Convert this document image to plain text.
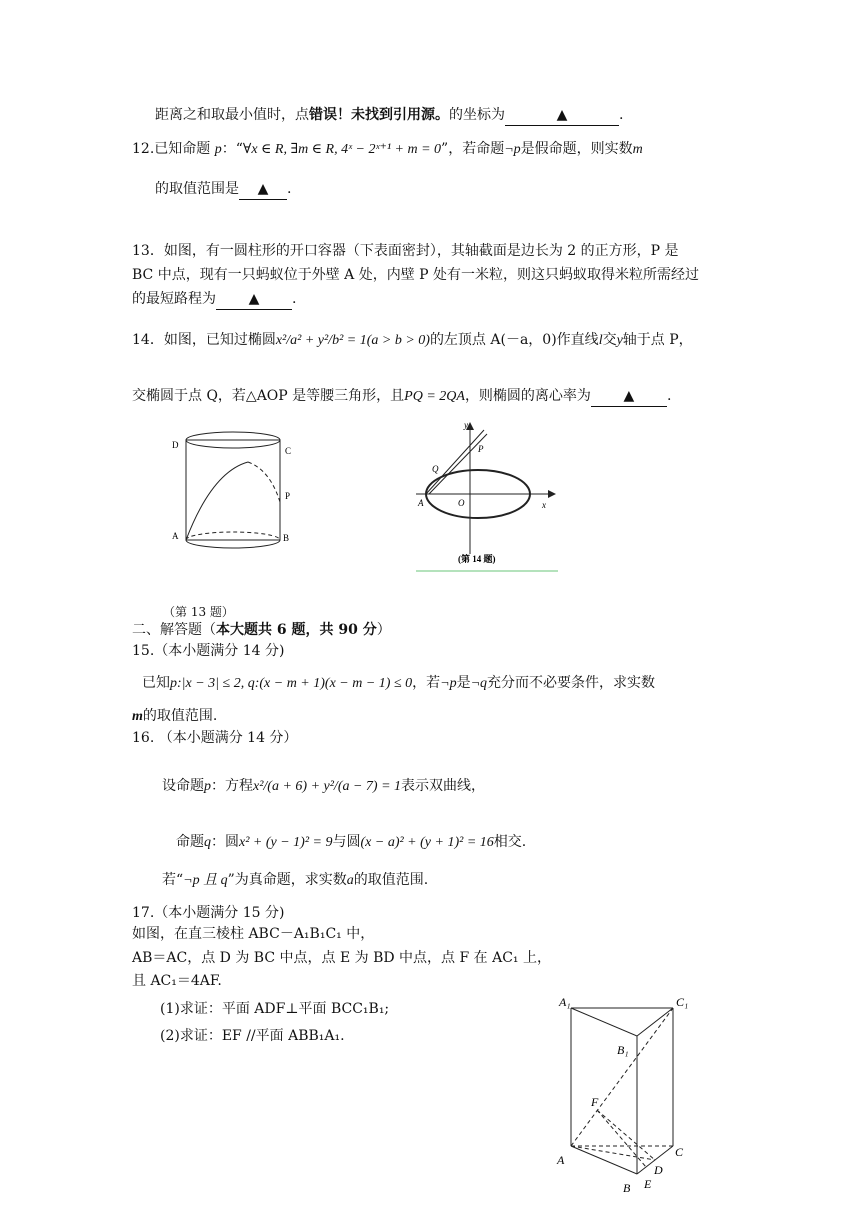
距离之和取最小值时，点错误！未找到引用源。的坐标为	▲	.
12.已知命题 p：“∀x ∈ R, ∃m ∈ R, 4ˣ − 2ˣ⁺¹ + m = 0”，若命题¬p是假命题，则实数m
的取值范围是 ▲ .
13．如图，有一圆柱形的开口容器（下表面密封），其轴截面是边长为 2 的正方形，P 是
BC 中点，现有一只蚂蚁位于外壁 A 处，内壁 P 处有一米粒，则这只蚂蚁取得米粒所需经过
的最短路程为 ▲ .
14．如图，已知过椭圆x²/a² + y²/b² = 1(a > b > 0)的左顶点 A(－a，0)作直线l交y轴于点 P，
交椭圆于点 Q，若△AOP 是等腰三角形，且PQ = 2QA，则椭圆的离心率为 ▲ .
D
C
P
A	B
y
P
Q
A	O	x
(第 14 题)
（第 13 题）
二、解答题（本大题共 6 题，共 90 分）
15.（本小题满分 14 分)
已知p:|x − 3| ≤ 2, q:(x − m + 1)(x − m − 1) ≤ 0，若¬p是¬q充分而不必要条件，求实数
m的取值范围.
16. （本小题满分 14 分）
设命题p：方程x²/(a + 6) + y²/(a − 7) = 1表示双曲线，
命题q：圆x² + (y − 1)² = 9与圆(x − a)² + (y + 1)² = 16相交.
若“¬p 且 q”为真命题，求实数a的取值范围.
17.（本小题满分 15 分)
如图，在直三棱柱 ABC－A₁B₁C₁ 中，
AB＝AC，点 D 为 BC 中点，点 E 为 BD 中点，点 F 在 AC₁ 上，
且 AC₁＝4AF.
(1)求证：平面 ADF⊥平面 BCC₁B₁;
(2)求证：EF //平面 ABB₁A₁.
A₁	C₁
B₁
F
A
C
D
B E
